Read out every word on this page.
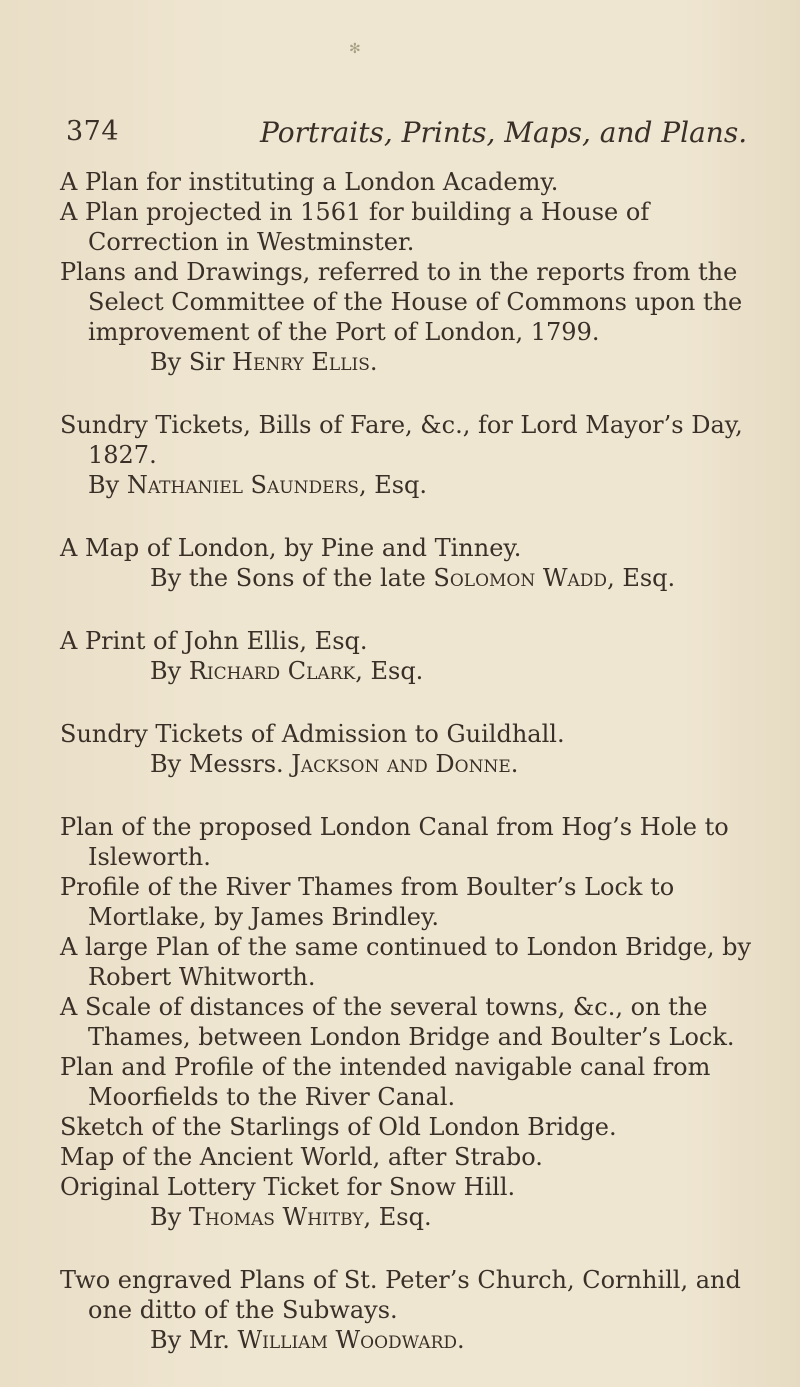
✻
374	Portraits, Prints, Maps, and Plans.

A Plan for instituting a London Academy.

A Plan projected in 1561 for building a House of Correction in Westminster.

Plans and Drawings, referred to in the reports from the Select Committee of the House of Commons upon the improvement of the Port of London, 1799.

By Sir Henry Ellis.

Sundry Tickets, Bills of Fare, &c., for Lord Mayor’s Day, 1827.

By Nathaniel Saunders, Esq.

A Map of London, by Pine and Tinney.

By the Sons of the late Solomon Wadd, Esq.

A Print of John Ellis, Esq.

By Richard Clark, Esq.

Sundry Tickets of Admission to Guildhall.

By Messrs. Jackson and Donne.

Plan of the proposed London Canal from Hog’s Hole to Isleworth.

Profile of the River Thames from Boulter’s Lock to Mortlake, by James Brindley.

A large Plan of the same continued to London Bridge, by Robert Whitworth.

A Scale of distances of the several towns, &c., on the Thames, between London Bridge and Boulter’s Lock.

Plan and Profile of the intended navigable canal from Moorfields to the River Canal.

Sketch of the Starlings of Old London Bridge.

Map of the Ancient World, after Strabo.

Original Lottery Ticket for Snow Hill.

By Thomas Whitby, Esq.

Two engraved Plans of St. Peter’s Church, Cornhill, and one ditto of the Subways.

By Mr. William Woodward.
